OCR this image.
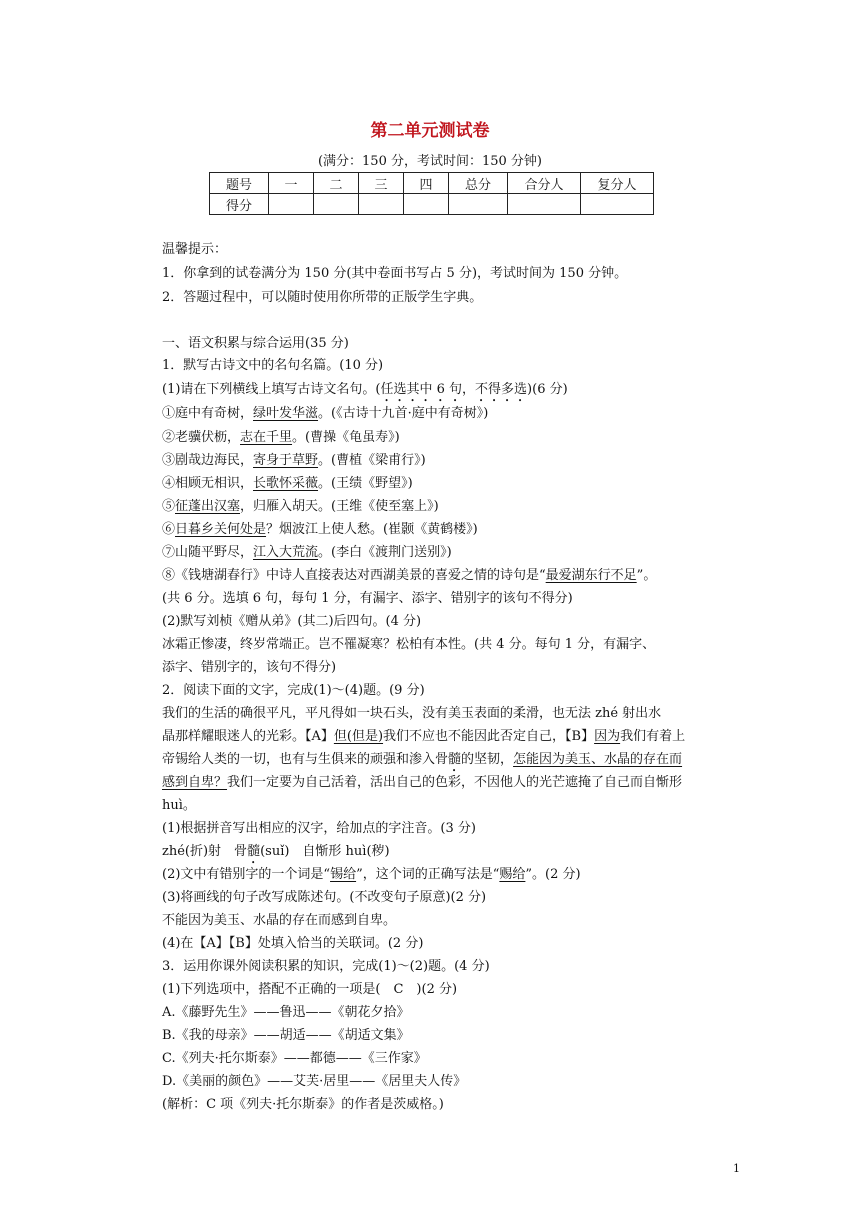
第二单元测试卷
(满分：150 分，考试时间：150 分钟)
题号	一	二	三	四	总分	合分人	复分人
得分							
温馨提示：
1．你拿到的试卷满分为 150 分(其中卷面书写占 5 分)，考试时间为 150 分钟。
2．答题过程中，可以随时使用你所带的正版学生字典。
一、语文积累与综合运用(35 分)
1．默写古诗文中的名句名篇。(10 分)
(1)请在下列横线上填写古诗文名句。(任选其中 6 句，不得多选)(6 分)
①庭中有奇树，绿叶发华滋。(《古诗十九首·庭中有奇树》)
②老骥伏枥，志在千里。(曹操《龟虽寿》)
③剧哉边海民，寄身于草野。(曹植《梁甫行》)
④相顾无相识，长歌怀采薇。(王绩《野望》)
⑤征蓬出汉塞，归雁入胡天。(王维《使至塞上》)
⑥日暮乡关何处是？烟波江上使人愁。(崔颢《黄鹤楼》)
⑦山随平野尽，江入大荒流。(李白《渡荆门送别》)
⑧《钱塘湖春行》中诗人直接表达对西湖美景的喜爱之情的诗句是“最爱湖东行不足”。
(共 6 分。选填 6 句，每句 1 分，有漏字、添字、错别字的该句不得分)
(2)默写刘桢《赠从弟》(其二)后四句。(4 分)
冰霜正惨凄，终岁常端正。岂不罹凝寒？松柏有本性。(共 4 分。每句 1 分，有漏字、
添字、错别字的，该句不得分)
2．阅读下面的文字，完成(1)～(4)题。(9 分)
我们的生活的确很平凡，平凡得如一块石头，没有美玉表面的柔滑，也无法 zhé 射出水
晶那样耀眼迷人的光彩。【A】但(但是)我们不应也不能因此否定自己，【B】因为我们有着上
帝锡给人类的一切，也有与生俱来的顽强和渗入骨髓的坚韧，怎能因为美玉、水晶的存在而
感到自卑？我们一定要为自己活着，活出自己的色彩，不因他人的光芒遮掩了自己而自惭形
huì。
(1)根据拼音写出相应的汉字，给加点的字注音。(3 分)
zhé(折)射　骨髓(suǐ)　自惭形 huì(秽)
(2)文中有错别字的一个词是“锡给”，这个词的正确写法是“赐给”。(2 分)
(3)将画线的句子改写成陈述句。(不改变句子原意)(2 分)
不能因为美玉、水晶的存在而感到自卑。
(4)在【A】【B】处填入恰当的关联词。(2 分)
3．运用你课外阅读积累的知识，完成(1)～(2)题。(4 分)
(1)下列选项中，搭配不正确的一项是(　C　)(2 分)
A.《藤野先生》——鲁迅——《朝花夕拾》
B.《我的母亲》——胡适——《胡适文集》
C.《列夫·托尔斯泰》——都德——《三作家》
D.《美丽的颜色》——艾芙·居里——《居里夫人传》
(解析：C 项《列夫·托尔斯泰》的作者是茨威格。)
1
